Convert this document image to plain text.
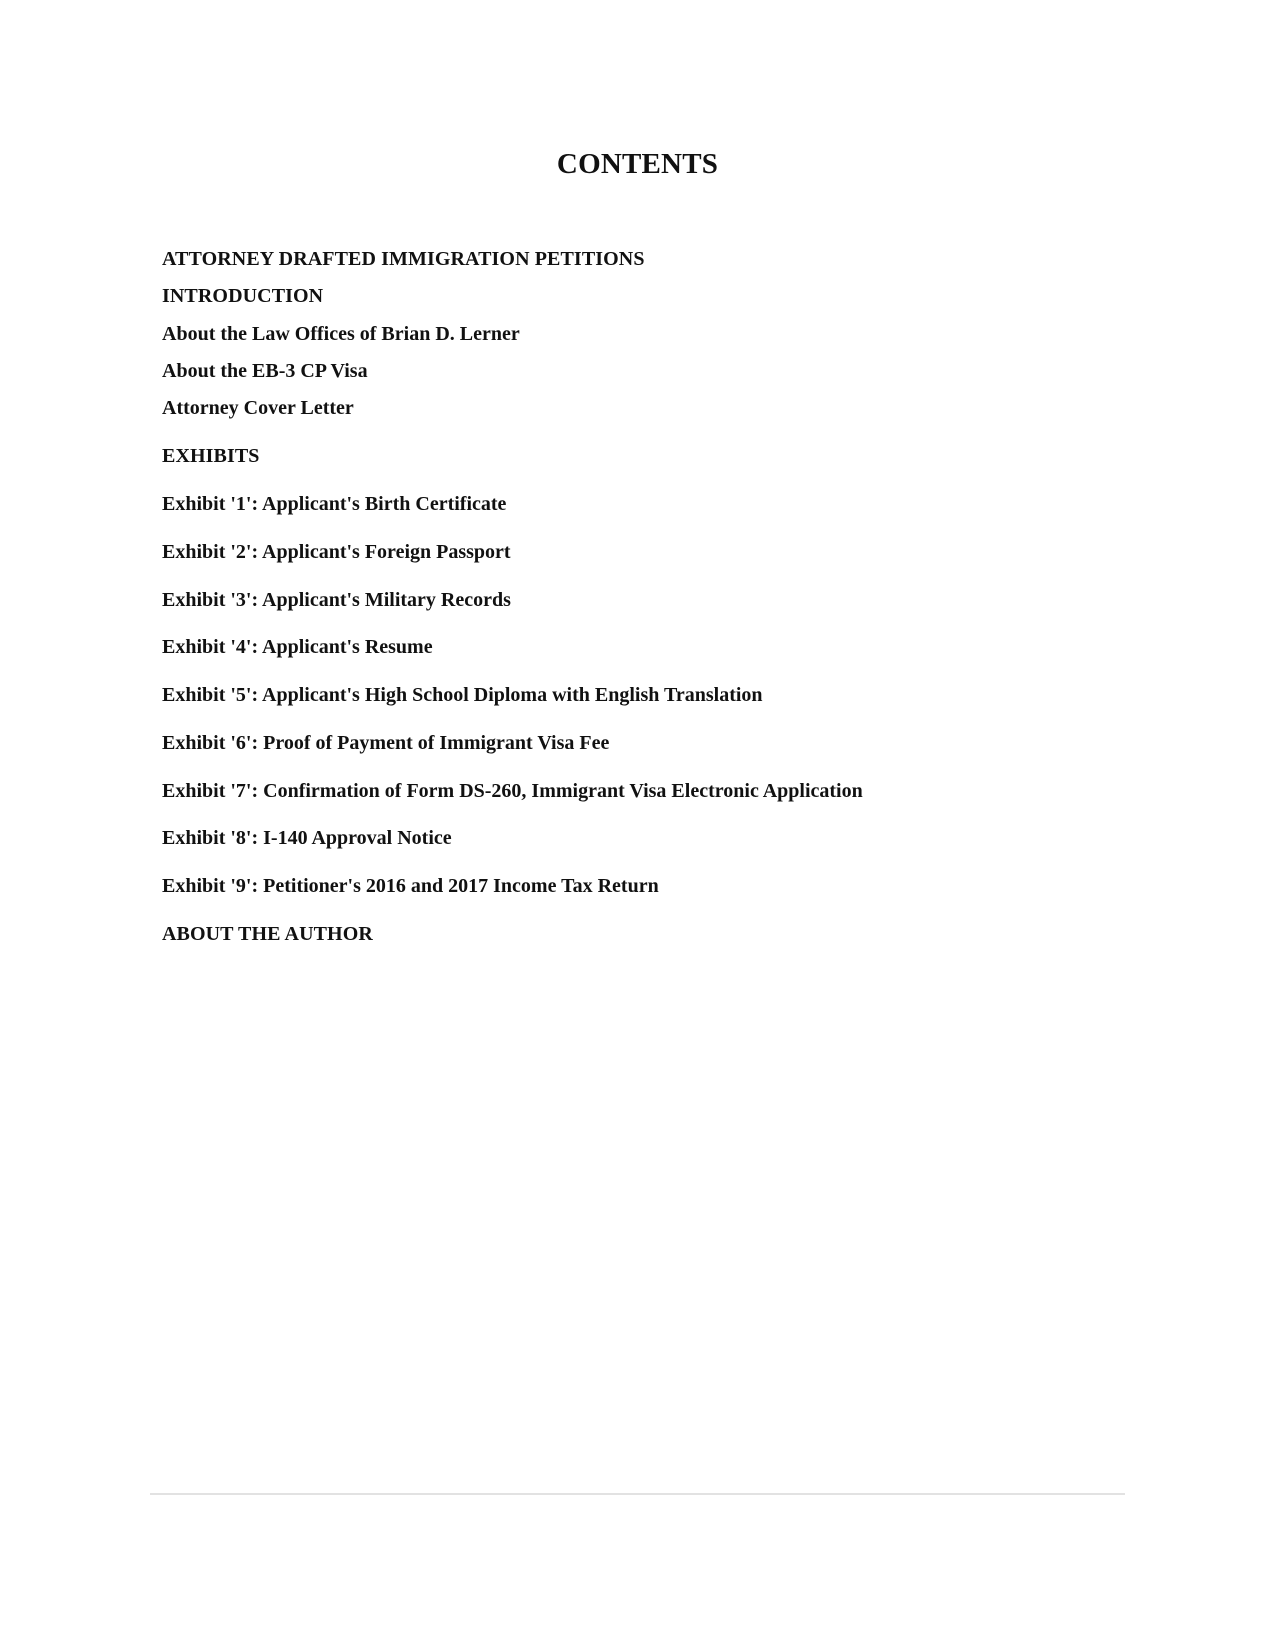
CONTENTS
ATTORNEY DRAFTED IMMIGRATION PETITIONS
INTRODUCTION
About the Law Offices of Brian D. Lerner
About the EB-3 CP Visa
Attorney Cover Letter
EXHIBITS
Exhibit '1': Applicant's Birth Certificate
Exhibit '2': Applicant's Foreign Passport
Exhibit '3': Applicant's Military Records
Exhibit '4': Applicant's Resume
Exhibit '5': Applicant's High School Diploma with English Translation
Exhibit '6': Proof of Payment of Immigrant Visa Fee
Exhibit '7': Confirmation of Form DS-260, Immigrant Visa Electronic Application
Exhibit '8': I-140 Approval Notice
Exhibit '9': Petitioner's 2016 and 2017 Income Tax Return
ABOUT THE AUTHOR
